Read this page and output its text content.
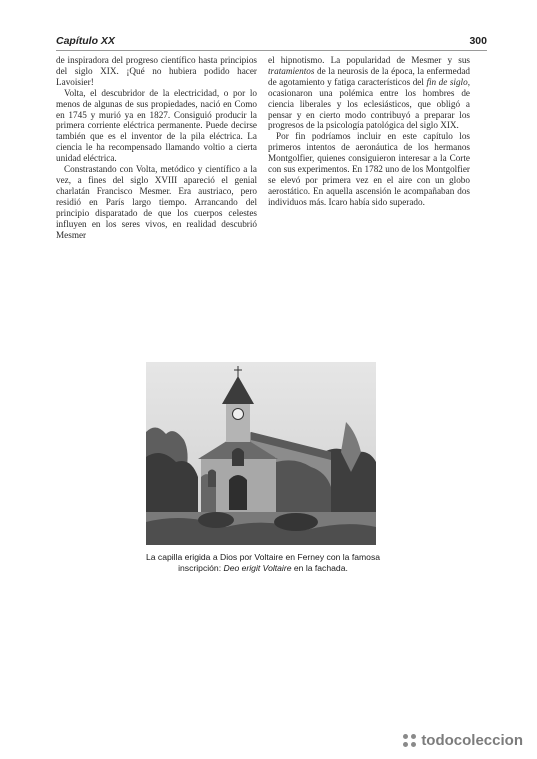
Capítulo XX	300

de inspiradora del progreso científico hasta principios del siglo XIX. ¡Qué no hubiera podido hacer Lavoisier!

Volta, el descubridor de la electricidad, o por lo menos de algunas de sus propiedades, nació en Como en 1745 y murió ya en 1827. Consiguió producir la primera corriente eléctrica permanente. Puede decirse también que es el inventor de la pila eléctrica. La ciencia le ha recompensado llamando voltio a cierta unidad eléctrica.

Constrastando con Volta, metódico y científico a la vez, a fines del siglo XVIII apareció el genial charlatán Francisco Mesmer. Era austriaco, pero residió en París largo tiempo. Arrancando del principio disparatado de que los cuerpos celestes influyen en los seres vivos, en realidad descubrió Mesmer

el hipnotismo. La popularidad de Mesmer y sus tratamientos de la neurosis de la época, la enfermedad de agotamiento y fatiga característicos del fin de siglo, ocasionaron una polémica entre los hombres de ciencia liberales y los eclesiásticos, que obligó a pensar y en cierto modo contribuyó a preparar los progresos de la psicología patológica del siglo XIX.

Por fin podríamos incluir en este capítulo los primeros intentos de aeronáutica de los hermanos Montgolfier, quienes consiguieron interesar a la Corte con sus experimentos. En 1782 uno de los Montgolfier se elevó por primera vez en el aire con un globo aerostático. En aquella ascensión le acompañaban dos individuos más. Icaro había sido superado.

La capilla erigida a Dios por Voltaire en Ferney con la famosa inscripción: Deo erigit Voltaire en la fachada.
todocoleccion
